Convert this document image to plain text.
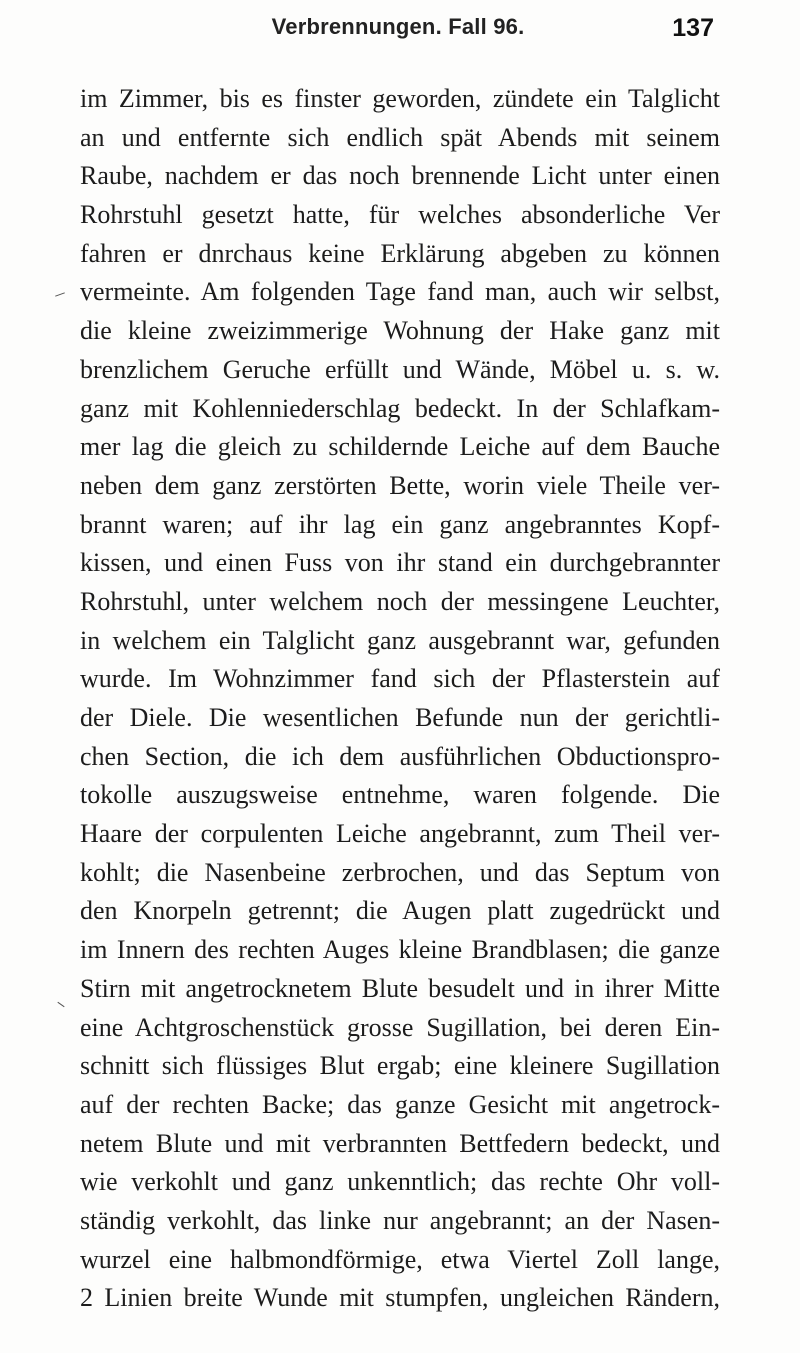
Verbrennungen. Fall 96.	137
im Zimmer, bis es finster geworden, zündete ein Talglicht
an und entfernte sich endlich spät Abends mit seinem
Raube, nachdem er das noch brennende Licht unter einen
Rohrstuhl gesetzt hatte, für welches absonderliche Ver
fahren er dnrchaus keine Erklärung abgeben zu können
vermeinte. Am folgenden Tage fand man, auch wir selbst,
die kleine zweizimmerige Wohnung der Hake ganz mit
brenzlichem Geruche erfüllt und Wände, Möbel u. s. w.
ganz mit Kohlenniederschlag bedeckt. In der Schlafkam-
mer lag die gleich zu schildernde Leiche auf dem Bauche
neben dem ganz zerstörten Bette, worin viele Theile ver-
brannt waren; auf ihr lag ein ganz angebranntes Kopf-
kissen, und einen Fuss von ihr stand ein durchgebrannter
Rohrstuhl, unter welchem noch der messingene Leuchter,
in welchem ein Talglicht ganz ausgebrannt war, gefunden
wurde. Im Wohnzimmer fand sich der Pflasterstein auf
der Diele. Die wesentlichen Befunde nun der gerichtli-
chen Section, die ich dem ausführlichen Obductionspro-
tokolle auszugsweise entnehme, waren folgende. Die
Haare der corpulenten Leiche angebrannt, zum Theil ver-
kohlt; die Nasenbeine zerbrochen, und das Septum von
den Knorpeln getrennt; die Augen platt zugedrückt und
im Innern des rechten Auges kleine Brandblasen; die ganze
Stirn mit angetrocknetem Blute besudelt und in ihrer Mitte
eine Achtgroschenstück grosse Sugillation, bei deren Ein-
schnitt sich flüssiges Blut ergab; eine kleinere Sugillation
auf der rechten Backe; das ganze Gesicht mit angetrock-
netem Blute und mit verbrannten Bettfedern bedeckt, und
wie verkohlt und ganz unkenntlich; das rechte Ohr voll-
ständig verkohlt, das linke nur angebrannt; an der Nasen-
wurzel eine halbmondförmige, etwa Viertel Zoll lange,
2 Linien breite Wunde mit stumpfen, ungleichen Rändern,
